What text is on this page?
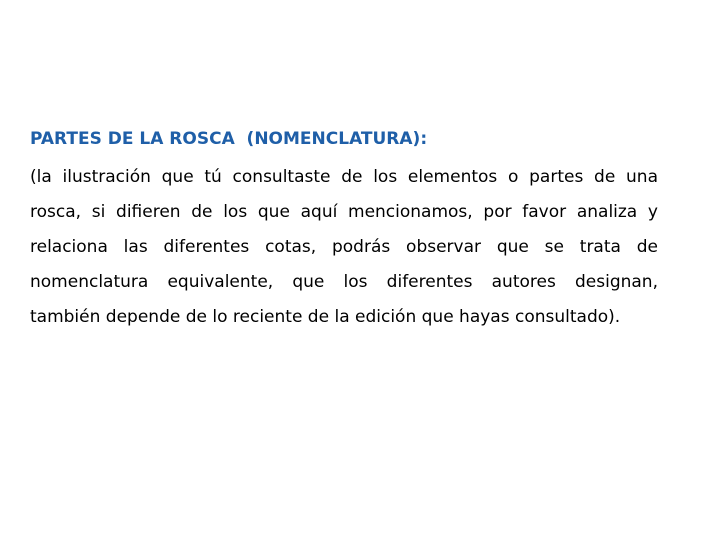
PARTES DE LA ROSCA  (NOMENCLATURA):
(la ilustración que tú consultaste de los elementos o partes de una
rosca, si difieren de los que aquí mencionamos, por favor analiza y
relaciona las diferentes cotas, podrás observar que se trata de
nomenclatura equivalente, que los diferentes autores designan,
también depende de lo reciente de la edición que hayas consultado).
